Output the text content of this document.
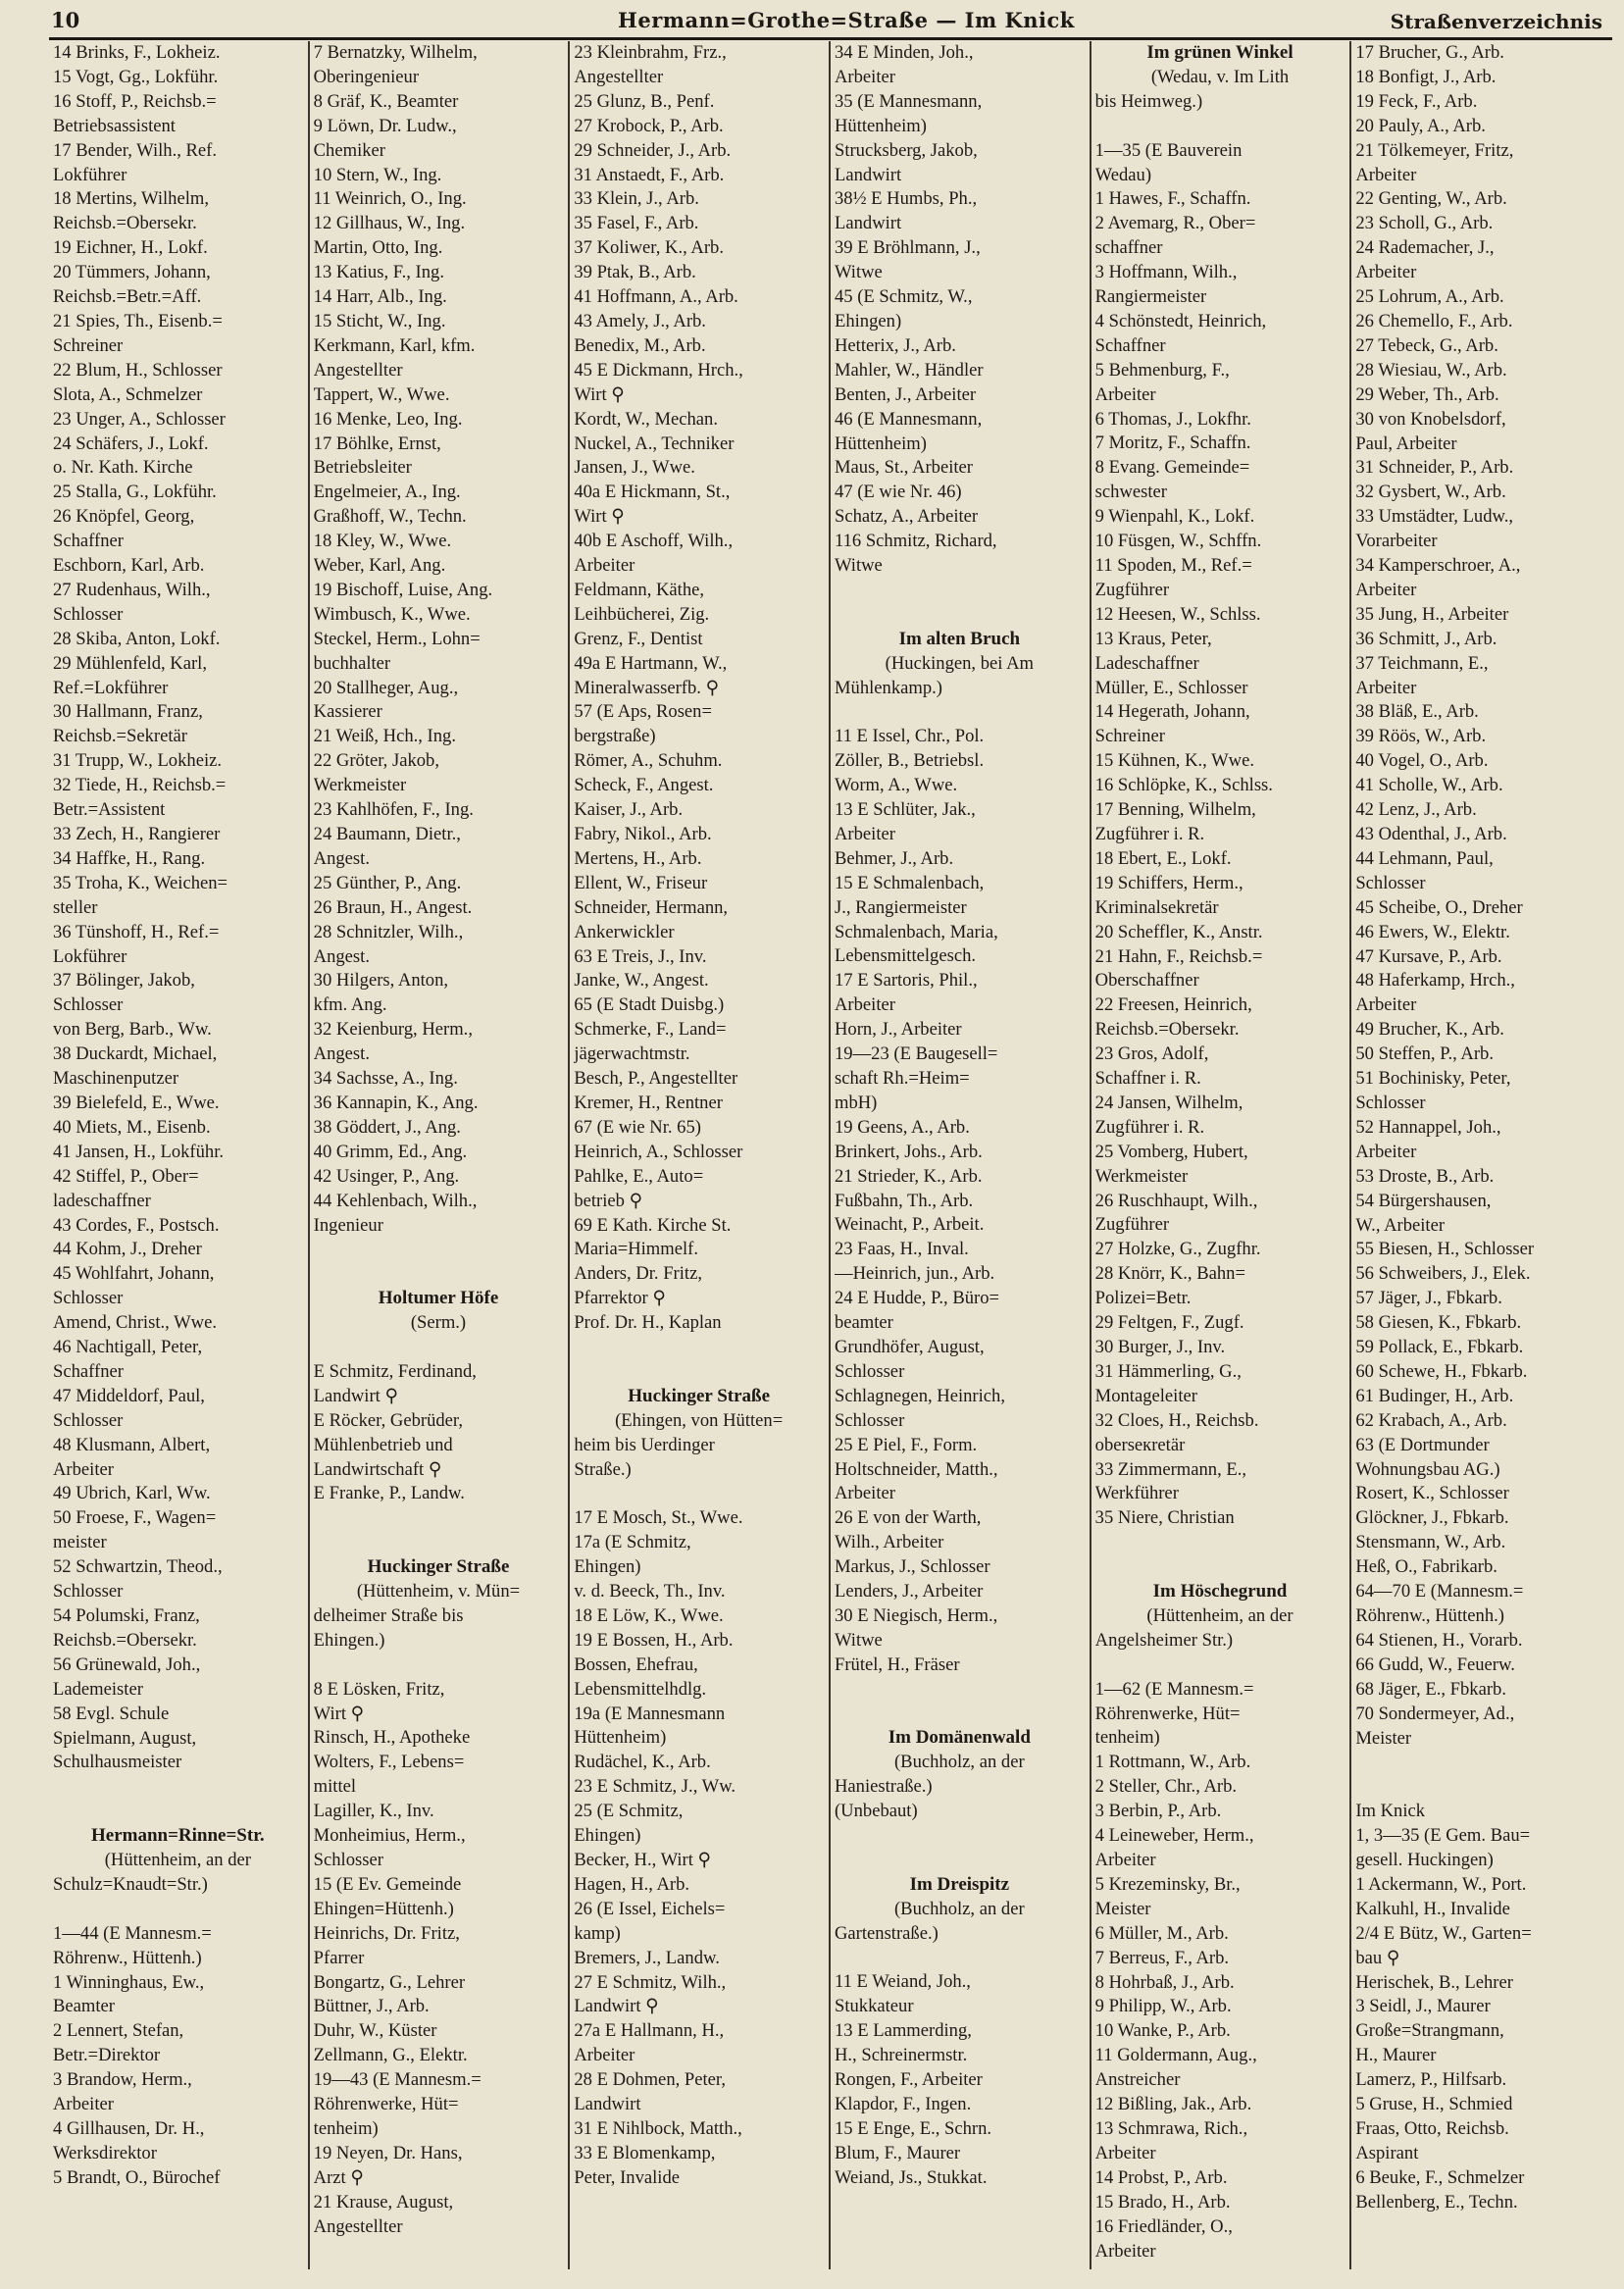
10	Hermann=Grothe=Straße — Im Knick	Straßenverzeichnis
14 Brinks, F., Lokheiz.
15 Vogt, Gg., Lokführ.
16 Stoff, P., Reichsb.=
Betriebsassistent
17 Bender, Wilh., Ref.
Lokführer
18 Mertins, Wilhelm,
Reichsb.=Obersekr.
19 Eichner, H., Lokf.
20 Tümmers, Johann,
Reichsb.=Betr.=Aff.
21 Spies, Th., Eisenb.=
Schreiner
22 Blum, H., Schlosser
Slota, A., Schmelzer
23 Unger, A., Schlosser
24 Schäfers, J., Lokf.
o. Nr. Kath. Kirche
25 Stalla, G., Lokführ.
26 Knöpfel, Georg,
Schaffner
Eschborn, Karl, Arb.
27 Rudenhaus, Wilh.,
Schlosser
28 Skiba, Anton, Lokf.
29 Mühlenfeld, Karl,
Ref.=Lokführer
30 Hallmann, Franz,
Reichsb.=Sekretär
31 Trupp, W., Lokheiz.
32 Tiede, H., Reichsb.=
Betr.=Assistent
33 Zech, H., Rangierer
34 Haffke, H., Rang.
35 Troha, K., Weichen=
steller
36 Tünshoff, H., Ref.=
Lokführer
37 Bölinger, Jakob,
Schlosser
von Berg, Barb., Ww.
38 Duckardt, Michael,
Maschinenputzer
39 Bielefeld, E., Wwe.
40 Miets, M., Eisenb.
41 Jansen, H., Lokführ.
42 Stiffel, P., Ober=
ladeschaffner
43 Cordes, F., Postsch.
44 Kohm, J., Dreher
45 Wohlfahrt, Johann,
Schlosser
Amend, Christ., Wwe.
46 Nachtigall, Peter,
Schaffner
47 Middeldorf, Paul,
Schlosser
48 Klusmann, Albert,
Arbeiter
49 Ubrich, Karl, Ww.
50 Froese, F., Wagen=
meister
52 Schwartzin, Theod.,
Schlosser
54 Polumski, Franz,
Reichsb.=Obersekr.
56 Grünewald, Joh.,
Lademeister
58 Evgl. Schule
Spielmann, August,
Schulhausmeister
Hermann=Rinne=Str.
(Hüttenheim, an der
Schulz=Knaudt=Str.)
1—44 (E Mannesm.=
Röhrenw., Hüttenh.)
1 Winninghaus, Ew.,
Beamter
2 Lennert, Stefan,
Betr.=Direktor
3 Brandow, Herm.,
Arbeiter
4 Gillhausen, Dr. H.,
Werksdirektor
5 Brandt, O., Bürochef
7 Bernatzky, Wilhelm,
Oberingenieur
8 Gräf, K., Beamter
9 Löwn, Dr. Ludw.,
Chemiker
10 Stern, W., Ing.
11 Weinrich, O., Ing.
12 Gillhaus, W., Ing.
Martin, Otto, Ing.
13 Katius, F., Ing.
14 Harr, Alb., Ing.
15 Sticht, W., Ing.
Kerkmann, Karl, kfm.
Angestellter
Tappert, W., Wwe.
16 Menke, Leo, Ing.
17 Böhlke, Ernst,
Betriebsleiter
Engelmeier, A., Ing.
Graßhoff, W., Techn.
18 Kley, W., Wwe.
Weber, Karl, Ang.
19 Bischoff, Luise, Ang.
Wimbusch, K., Wwe.
Steckel, Herm., Lohn=
buchhalter
20 Stallheger, Aug.,
Kassierer
21 Weiß, Hch., Ing.
22 Gröter, Jakob,
Werkmeister
23 Kahlhöfen, F., Ing.
24 Baumann, Dietr.,
Angest.
25 Günther, P., Ang.
26 Braun, H., Angest.
28 Schnitzler, Wilh.,
Angest.
30 Hilgers, Anton,
kfm. Ang.
32 Keienburg, Herm.,
Angest.
34 Sachsse, A., Ing.
36 Kannapin, K., Ang.
38 Göddert, J., Ang.
40 Grimm, Ed., Ang.
42 Usinger, P., Ang.
44 Kehlenbach, Wilh.,
Ingenieur
Holtumer Höfe
(Serm.)
E Schmitz, Ferdinand,
Landwirt ⚲
E Röcker, Gebrüder,
Mühlenbetrieb und
Landwirtschaft ⚲
E Franke, P., Landw.
Huckinger Straße
(Hüttenheim, v. Mün=
delheimer Straße bis
Ehingen.)
8 E Lösken, Fritz,
Wirt ⚲
Rinsch, H., Apotheke
Wolters, F., Lebens=
mittel
Lagiller, K., Inv.
Monheimius, Herm.,
Schlosser
15 (E Ev. Gemeinde
Ehingen=Hüttenh.)
Heinrichs, Dr. Fritz,
Pfarrer
Bongartz, G., Lehrer
Büttner, J., Arb.
Duhr, W., Küster
Zellmann, G., Elektr.
19—43 (E Mannesm.=
Röhrenwerke, Hüt=
tenheim)
19 Neyen, Dr. Hans,
Arzt ⚲
21 Krause, August,
Angestellter
23 Kleinbrahm, Frz.,
Angestellter
25 Glunz, B., Penf.
27 Krobock, P., Arb.
29 Schneider, J., Arb.
31 Anstaedt, F., Arb.
33 Klein, J., Arb.
35 Fasel, F., Arb.
37 Koliwer, K., Arb.
39 Ptak, B., Arb.
41 Hoffmann, A., Arb.
43 Amely, J., Arb.
Benedix, M., Arb.
45 E Dickmann, Hrch.,
Wirt ⚲
Kordt, W., Mechan.
Nuckel, A., Techniker
Jansen, J., Wwe.
40a E Hickmann, St.,
Wirt ⚲
40b E Aschoff, Wilh.,
Arbeiter
Feldmann, Käthe,
Leihbücherei, Zig.
Grenz, F., Dentist
49a E Hartmann, W.,
Mineralwasserfb. ⚲
57 (E Aps, Rosen=
bergstraße)
Römer, A., Schuhm.
Scheck, F., Angest.
Kaiser, J., Arb.
Fabry, Nikol., Arb.
Mertens, H., Arb.
Ellent, W., Friseur
Schneider, Hermann,
Ankerwickler
63 E Treis, J., Inv.
Janke, W., Angest.
65 (E Stadt Duisbg.)
Schmerke, F., Land=
jägerwachtmstr.
Besch, P., Angestellter
Kremer, H., Rentner
67 (E wie Nr. 65)
Heinrich, A., Schlosser
Pahlke, E., Auto=
betrieb ⚲
69 E Kath. Kirche St.
Maria=Himmelf.
Anders, Dr. Fritz,
Pfarrektor ⚲
Prof. Dr. H., Kaplan
Huckinger Straße
(Ehingen, von Hütten=
heim bis Uerdinger
Straße.)
17 E Mosch, St., Wwe.
17a (E Schmitz,
Ehingen)
v. d. Beeck, Th., Inv.
18 E Löw, K., Wwe.
19 E Bossen, H., Arb.
Bossen, Ehefrau,
Lebensmittelhdlg.
19a (E Mannesmann
Hüttenheim)
Rudächel, K., Arb.
23 E Schmitz, J., Ww.
25 (E Schmitz,
Ehingen)
Becker, H., Wirt ⚲
Hagen, H., Arb.
26 (E Issel, Eichels=
kamp)
Bremers, J., Landw.
27 E Schmitz, Wilh.,
Landwirt ⚲
27a E Hallmann, H.,
Arbeiter
28 E Dohmen, Peter,
Landwirt
31 E Nihlbock, Matth.,
33 E Blomenkamp,
Peter, Invalide
34 E Minden, Joh.,
Arbeiter
35 (E Mannesmann,
Hüttenheim)
Strucksberg, Jakob,
Landwirt
38½ E Humbs, Ph.,
Landwirt
39 E Bröhlmann, J.,
Witwe
45 (E Schmitz, W.,
Ehingen)
Hetterix, J., Arb.
Mahler, W., Händler
Benten, J., Arbeiter
46 (E Mannesmann,
Hüttenheim)
Maus, St., Arbeiter
47 (E wie Nr. 46)
Schatz, A., Arbeiter
116 Schmitz, Richard,
Witwe
Im alten Bruch
(Huckingen, bei Am
Mühlenkamp.)
11 E Issel, Chr., Pol.
Zöller, B., Betriebsl.
Worm, A., Wwe.
13 E Schlüter, Jak.,
Arbeiter
Behmer, J., Arb.
15 E Schmalenbach,
J., Rangiermeister
Schmalenbach, Maria,
Lebensmittelgesch.
17 E Sartoris, Phil.,
Arbeiter
Horn, J., Arbeiter
19—23 (E Baugesell=
schaft Rh.=Heim=
mbH)
19 Geens, A., Arb.
Brinkert, Johs., Arb.
21 Strieder, K., Arb.
Fußbahn, Th., Arb.
Weinacht, P., Arbeit.
23 Faas, H., Inval.
—Heinrich, jun., Arb.
24 E Hudde, P., Büro=
beamter
Grundhöfer, August,
Schlosser
Schlagnegen, Heinrich,
Schlosser
25 E Piel, F., Form.
Holtschneider, Matth.,
Arbeiter
26 E von der Warth,
Wilh., Arbeiter
Markus, J., Schlosser
Lenders, J., Arbeiter
30 E Niegisch, Herm.,
Witwe
Frütel, H., Fräser
Im Domänenwald
(Buchholz, an der
Haniestraße.)
(Unbebaut)
Im Dreispitz
(Buchholz, an der
Gartenstraße.)
11 E Weiand, Joh.,
Stukkateur
13 E Lammerding,
H., Schreinermstr.
Rongen, F., Arbeiter
Klapdor, F., Ingen.
15 E Enge, E., Schrn.
Blum, F., Maurer
Weiand, Js., Stukkat.
Im grünen Winkel
(Wedau, v. Im Lith
bis Heimweg.)
1—35 (E Bauverein
Wedau)
1 Hawes, F., Schaffn.
2 Avemarg, R., Ober=
schaffner
3 Hoffmann, Wilh.,
Rangiermeister
4 Schönstedt, Heinrich,
Schaffner
5 Behmenburg, F.,
Arbeiter
6 Thomas, J., Lokfhr.
7 Moritz, F., Schaffn.
8 Evang. Gemeinde=
schwester
9 Wienpahl, K., Lokf.
10 Füsgen, W., Schffn.
11 Spoden, M., Ref.=
Zugführer
12 Heesen, W., Schlss.
13 Kraus, Peter,
Ladeschaffner
Müller, E., Schlosser
14 Hegerath, Johann,
Schreiner
15 Kühnen, K., Wwe.
16 Schlöpke, K., Schlss.
17 Benning, Wilhelm,
Zugführer i. R.
18 Ebert, E., Lokf.
19 Schiffers, Herm.,
Kriminalsekretär
20 Scheffler, K., Anstr.
21 Hahn, F., Reichsb.=
Oberschaffner
22 Freesen, Heinrich,
Reichsb.=Obersekr.
23 Gros, Adolf,
Schaffner i. R.
24 Jansen, Wilhelm,
Zugführer i. R.
25 Vomberg, Hubert,
Werkmeister
26 Ruschhaupt, Wilh.,
Zugführer
27 Holzke, G., Zugfhr.
28 Knörr, K., Bahn=
Polizei=Betr.
29 Feltgen, F., Zugf.
30 Burger, J., Inv.
31 Hämmerling, G.,
Montageleiter
32 Cloes, H., Reichsb.
oberseкretär
33 Zimmermann, E.,
Werkführer
35 Niere, Christian
Im Höschegrund
(Hüttenheim, an der
Angelsheimer Str.)
1—62 (E Mannesm.=
Röhrenwerke, Hüt=
tenheim)
1 Rottmann, W., Arb.
2 Steller, Chr., Arb.
3 Berbin, P., Arb.
4 Leineweber, Herm.,
Arbeiter
5 Krezeminsky, Br.,
Meister
6 Müller, M., Arb.
7 Berreus, F., Arb.
8 Hohrbaß, J., Arb.
9 Philipp, W., Arb.
10 Wanke, P., Arb.
11 Goldermann, Aug.,
Anstreicher
12 Bißling, Jak., Arb.
13 Schmrawa, Rich.,
Arbeiter
14 Probst, P., Arb.
15 Brado, H., Arb.
16 Friedländer, O.,
Arbeiter
17 Brucher, G., Arb.
18 Bonfigt, J., Arb.
19 Feck, F., Arb.
20 Pauly, A., Arb.
21 Tölkemeyer, Fritz,
Arbeiter
22 Genting, W., Arb.
23 Scholl, G., Arb.
24 Rademacher, J.,
Arbeiter
25 Lohrum, A., Arb.
26 Chemello, F., Arb.
27 Tebeck, G., Arb.
28 Wiesiau, W., Arb.
29 Weber, Th., Arb.
30 von Knobelsdorf,
Paul, Arbeiter
31 Schneider, P., Arb.
32 Gysbert, W., Arb.
33 Umstädter, Ludw.,
Vorarbeiter
34 Kamperschroer, A.,
Arbeiter
35 Jung, H., Arbeiter
36 Schmitt, J., Arb.
37 Teichmann, E.,
Arbeiter
38 Bläß, E., Arb.
39 Röös, W., Arb.
40 Vogel, O., Arb.
41 Scholle, W., Arb.
42 Lenz, J., Arb.
43 Odenthal, J., Arb.
44 Lehmann, Paul,
Schlosser
45 Scheibe, O., Dreher
46 Ewers, W., Elektr.
47 Kursave, P., Arb.
48 Haferkamp, Hrch.,
Arbeiter
49 Brucher, K., Arb.
50 Steffen, P., Arb.
51 Bochinisky, Peter,
Schlosser
52 Hannappel, Joh.,
Arbeiter
53 Droste, B., Arb.
54 Bürgershausen,
W., Arbeiter
55 Biesen, H., Schlosser
56 Schweibers, J., Elek.
57 Jäger, J., Fbkarb.
58 Giesen, K., Fbkarb.
59 Pollack, E., Fbkarb.
60 Schewe, H., Fbkarb.
61 Budinger, H., Arb.
62 Krabach, A., Arb.
63 (E Dortmunder
Wohnungsbau AG.)
Rosert, K., Schlosser
Glöckner, J., Fbkarb.
Stensmann, W., Arb.
Heß, O., Fabrikarb.
64—70 E (Mannesm.=
Röhrenw., Hüttenh.)
64 Stienen, H., Vorarb.
66 Gudd, W., Feuerw.
68 Jäger, E., Fbkarb.
70 Sondermeyer, Ad.,
Meister
Im Knick
1, 3—35 (E Gem. Bau=
gesell. Huckingen)
1 Ackermann, W., Port.
Kalkuhl, H., Invalide
2/4 E Bütz, W., Garten=
bau ⚲
Herischek, B., Lehrer
3 Seidl, J., Maurer
Große=Strangmann,
H., Maurer
Lamerz, P., Hilfsarb.
5 Gruse, H., Schmied
Fraas, Otto, Reichsb.
Aspirant
6 Beuke, F., Schmelzer
Bellenberg, E., Techn.
